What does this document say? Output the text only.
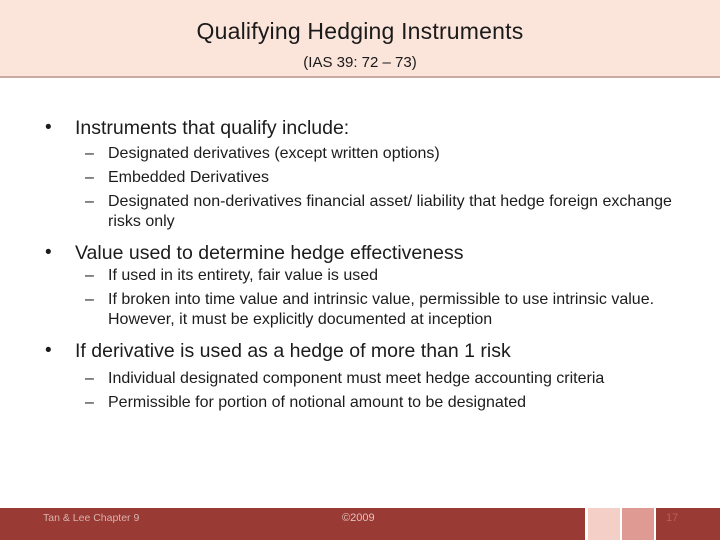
Qualifying Hedging Instruments
(IAS 39: 72 – 73)
• Instruments that qualify include:
– Designated derivatives (except written options)
– Embedded Derivatives
– Designated non-derivatives financial asset/ liability that hedge foreign exchange risks only
• Value used to determine hedge effectiveness
– If used in its entirety, fair value is used
– If broken into time value and intrinsic value, permissible to use intrinsic value. However, it must be explicitly documented at inception
• If derivative is used as a hedge of more than 1 risk
– Individual designated component must meet hedge accounting criteria
– Permissible for portion of notional amount to be designated
Tan & Lee Chapter 9	©2009	17
